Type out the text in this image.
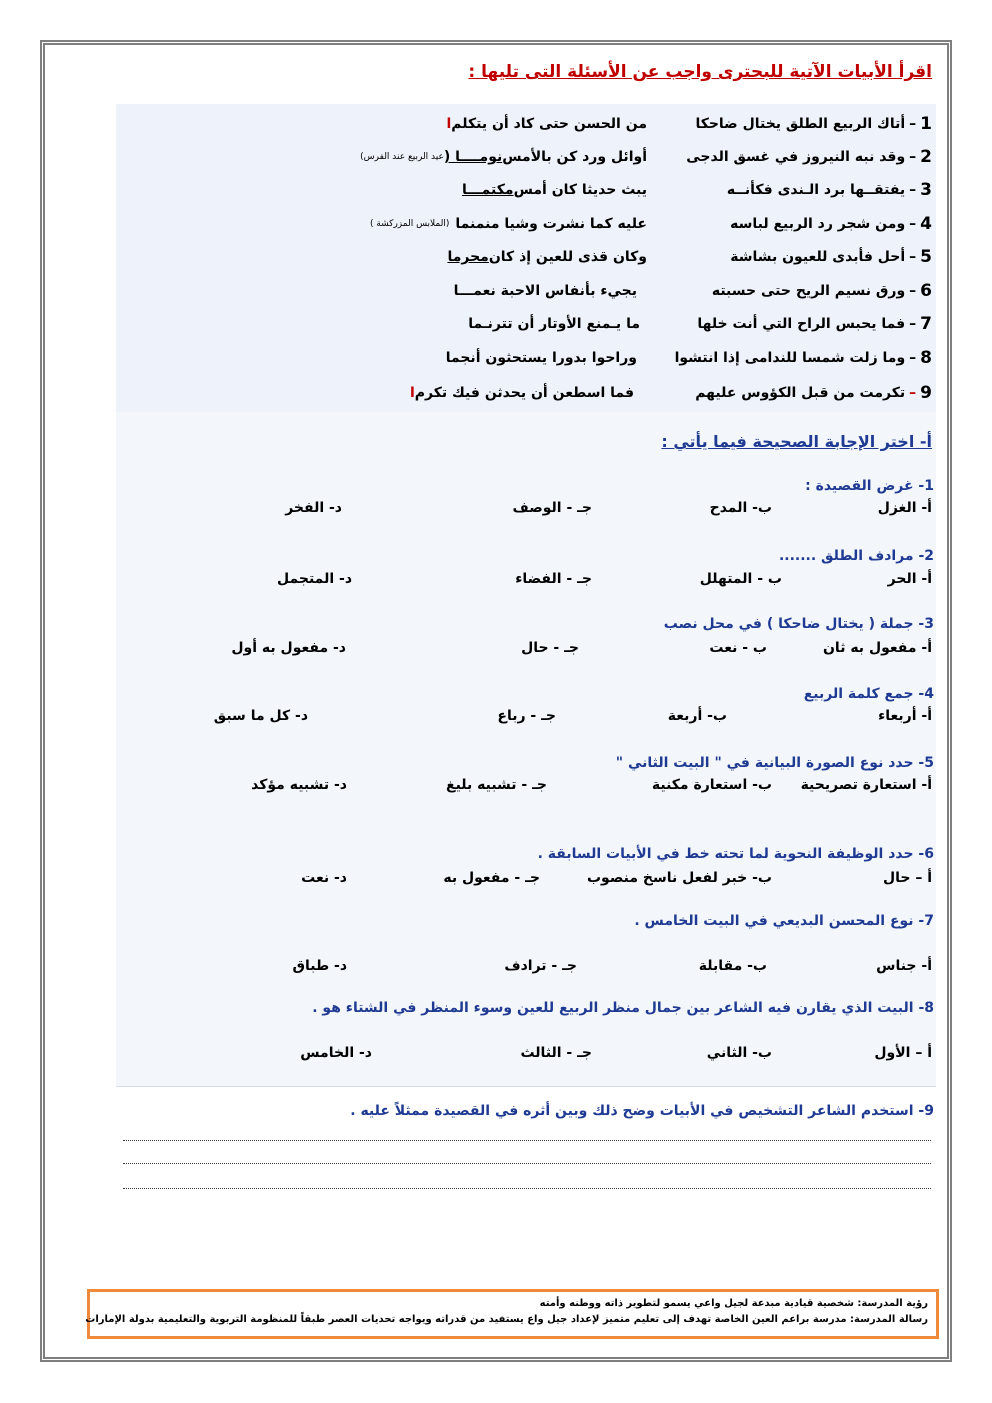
اقرأ الأبيات الآتية للبحترى واجب عن الأسئلة التى تليها :
1
–
أتاك الربيع الطلق يختال ضاحكا
من الحسن حتى كاد أن يتكلم
ا
2
–
وقد نبه النيروز في غسق الدجى
أوائل ورد كن بالأمس
نومــــا (
عيد الربيع عند الفرس)
3
–
يفتقــها برد الـندى فكأنــه
يبث حديثا كان أمس
مكتمـــا
4
–
ومن شجر رد الربيع لباسه
عليه كما نشرت وشيا منمنما
(الملابس المزركشة )
5
–
أحل فأبدى للعيون بشاشة
وكان قذى للعين إذ كان
محرما
6
–
ورق نسيم الريح حتى حسبته
يجيء بأنفاس الاحبة نعمـــا
7
–
فما يحبس الراح التي أنت خلها
ما يـمنع الأوتار أن تترنـما
8
–
وما زلت شمسا للندامى إذا انتشوا
وراحوا بدورا يستحثون أنجما
9
–
تكرمت من قبل الكؤوس عليهم
فما اسطعن أن يحدثن فيك تكرم
ا
أ- اختر الإجابة الصحيحة فيما يأتي :
1- غرض القصيدة :
أ- الغزل
ب- المدح
جـ - الوصف
د- الفخر
2- مرادف الطلق .......
أ- الحر
ب - المتهلل
جـ - الفضاء
د- المتجمل
3- جملة ( يختال ضاحكا ) في محل نصب
أ- مفعول به ثان
ب - نعت
جـ - حال
د- مفعول به أول
4- جمع كلمة الربيع
أ- أربعاء
ب- أربعة
جـ - رباع
د- كل ما سبق
5- حدد نوع الصورة البيانية في " البيت الثاني "
أ- استعارة تصريحية
ب- استعارة مكنية
جـ - تشبيه بليغ
د- تشبيه مؤكد
6- حدد الوظيفة النحوية لما تحته خط في الأبيات السابقة .
أ – حال
ب- خبر لفعل ناسخ منصوب
جـ - مفعول به
د- نعت
7- نوع المحسن البديعي في البيت الخامس .
أ- جناس
ب- مقابلة
جـ - ترادف
د- طباق
8- البيت الذي يقارن فيه الشاعر بين جمال منظر الربيع للعين وسوء المنظر في الشتاء هو .
أ – الأول
ب- الثاني
جـ - الثالث
د- الخامس
9- استخدم الشاعر التشخيص في الأبيات وضح ذلك وبين أثره في القصيدة ممثلاً عليه .
رؤية المدرسة: شخصية قيادية مبدعة لجيل واعي يسمو لتطوير ذاته ووطنه وأمته
رسالة المدرسة: مدرسة براعم العين الخاصة تهدف إلى تعليم متميز لإعداد جيل واع يستفيد من قدراته ويواجه تحديات العصر طبقاً للمنظومة التربوية والتعليمية بدولة الإمارات
